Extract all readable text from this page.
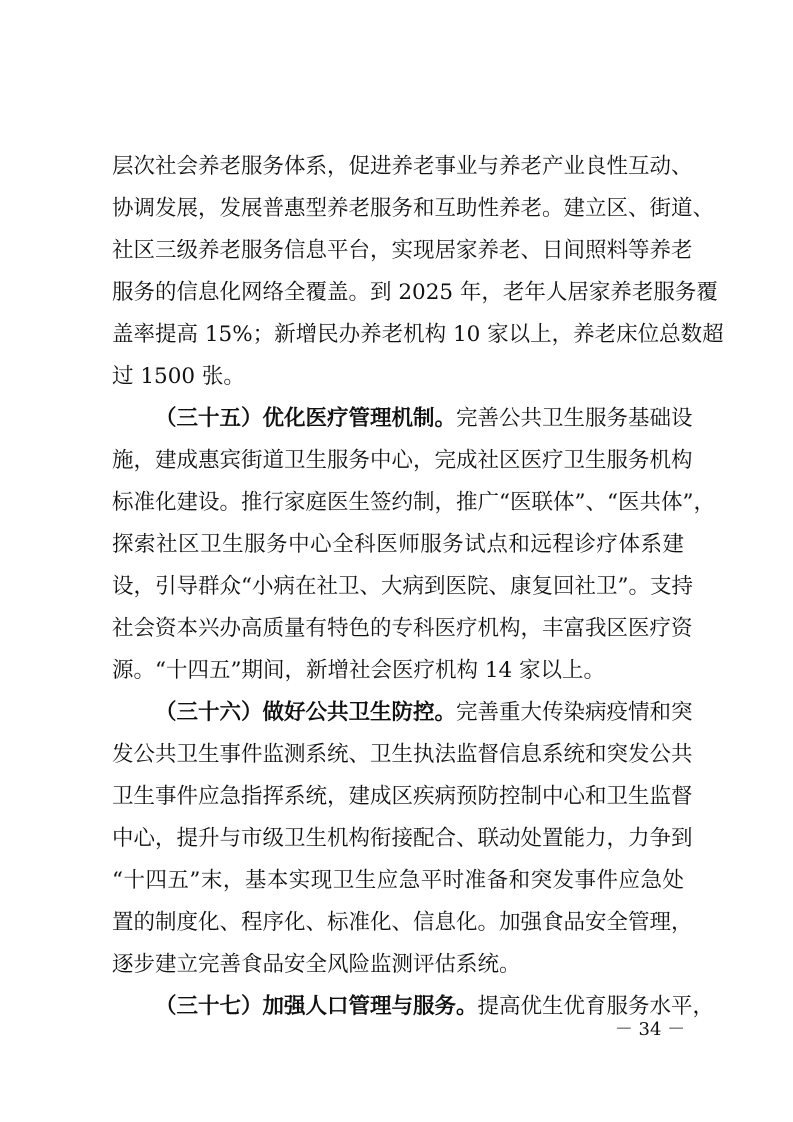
层次社会养老服务体系，促进养老事业与养老产业良性互动、
协调发展，发展普惠型养老服务和互助性养老。建立区、街道、
社区三级养老服务信息平台，实现居家养老、日间照料等养老
服务的信息化网络全覆盖。到 2025 年，老年人居家养老服务覆
盖率提高 15%；新增民办养老机构 10 家以上，养老床位总数超
过 1500 张。
（三十五）优化医疗管理机制。完善公共卫生服务基础设
施，建成惠宾街道卫生服务中心，完成社区医疗卫生服务机构
标准化建设。推行家庭医生签约制，推广“医联体”、“医共体”，
探索社区卫生服务中心全科医师服务试点和远程诊疗体系建
设，引导群众“小病在社卫、大病到医院、康复回社卫”。支持
社会资本兴办高质量有特色的专科医疗机构，丰富我区医疗资
源。“十四五”期间，新增社会医疗机构 14 家以上。
（三十六）做好公共卫生防控。完善重大传染病疫情和突
发公共卫生事件监测系统、卫生执法监督信息系统和突发公共
卫生事件应急指挥系统，建成区疾病预防控制中心和卫生监督
中心，提升与市级卫生机构衔接配合、联动处置能力，力争到
“十四五”末，基本实现卫生应急平时准备和突发事件应急处
置的制度化、程序化、标准化、信息化。加强食品安全管理，
逐步建立完善食品安全风险监测评估系统。
（三十七）加强人口管理与服务。提高优生优育服务水平，
－ 34 －
